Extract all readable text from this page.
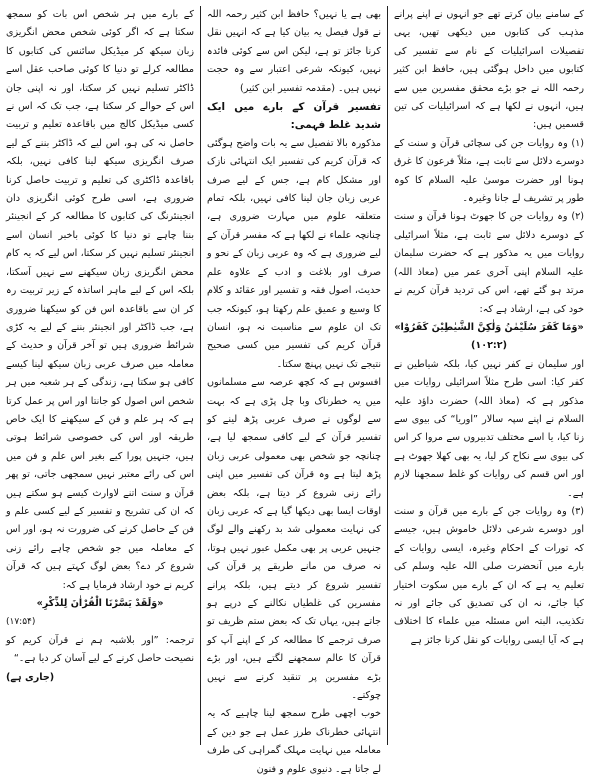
کے سامنے بیان کرتے تھے جو انہوں نے اپنے پرانے مذہب کی کتابوں میں دیکھی تھیں، یہی تفصیلات اسرائیلیات کے نام سے تفسیر کی کتابوں میں داخل ہوگئی ہیں، حافظ ابن کثیر رحمہ اللہ نے جو بڑے محقق مفسرین میں سے ہیں، انہوں نے لکھا ہے کہ اسرائیلیات کی تین قسمیں ہیں:

(۱) وہ روایات جن کی سچائی قرآن و سنت کے دوسرے دلائل سے ثابت ہے، مثلاً فرعون کا غرق ہونا اور حضرت موسیٰ علیہ السلام کا کوہ طور پر تشریف لے جانا وغیرہ۔

(۲) وہ روایات جن کا جھوٹ ہونا قرآن و سنت کے دوسرے دلائل سے ثابت ہے، مثلاً اسرائیلی روایات میں یہ مذکور ہے کہ حضرت سلیمان علیہ السلام اپنی آخری عمر میں (معاذ اللہ) مرتد ہو گئے تھے، اس کی تردید قرآن کریم نے خود کی ہے، ارشاد ہے کہ:

«وَمَا کَفَرَ سُلَیْمٰنُ وَلٰکِنَّ الشَّیٰطِیْنَ کَفَرُوْا» (۱۰۲:۲)

اور سلیمان نے کفر نہیں کیا، بلکہ شیاطین نے کفر کیا: اسی طرح مثلاً اسرائیلی روایات میں مذکور ہے کہ (معاذ اللہ) حضرت داؤد علیہ السلام نے اپنے سپہ سالار ”اوریا“ کی بیوی سے زنا کیا، یا اسے مختلف تدبیروں سے مروا کر اس کی بیوی سے نکاح کر لیا، یہ بھی کھلا جھوٹ ہے اور اس قسم کی روایات کو غلط سمجھنا لازم ہے۔

(۳) وہ روایات جن کے بارے میں قرآن و سنت اور دوسرے شرعی دلائل خاموش ہیں، جیسے کہ تورات کے احکام وغیرہ، ایسی روایات کے بارے میں آنحضرت صلی اللہ علیہ وسلم کی تعلیم یہ ہے کہ ان کے بارے میں سکوت اختیار کیا جائے، نہ ان کی تصدیق کی جائے اور نہ تکذیب، البتہ اس مسئلہ میں علماء کا اختلاف ہے کہ آیا ایسی روایات کو نقل کرنا جائز ہے

بھی ہے یا نہیں؟ حافظ ابن کثیر رحمہ اللہ نے قول فیصل یہ بیان کیا ہے کہ انہیں نقل کرنا جائز تو ہے، لیکن اس سے کوئی فائدہ نہیں، کیونکہ شرعی اعتبار سے وہ حجت نہیں ہیں۔ (مقدمہ تفسیر ابن کثیر)

تفسیر قرآن کے بارے میں ایک شدید غلط فہمی:

مذکورہ بالا تفصیل سے یہ بات واضح ہوگئی کہ قرآن کریم کی تفسیر ایک انتہائی نازک اور مشکل کام ہے، جس کے لیے صرف عربی زبان جان لینا کافی نہیں، بلکہ تمام متعلقہ علوم میں مہارت ضروری ہے، چنانچہ علماء نے لکھا ہے کہ مفسر قرآن کے لیے ضروری ہے کہ وہ عربی زبان کے نحو و صرف اور بلاغت و ادب کے علاوہ علم حدیث، اصول فقہ و تفسیر اور عقائد و کلام کا وسیع و عمیق علم رکھتا ہو، کیونکہ جب تک ان علوم سے مناسبت نہ ہو، انسان قرآن کریم کی تفسیر میں کسی صحیح نتیجے تک نہیں پہنچ سکتا۔

افسوس ہے کہ کچھ عرصہ سے مسلمانوں میں یہ خطرناک وبا چل پڑی ہے کہ بہت سے لوگوں نے صرف عربی پڑھ لینے کو تفسیر قرآن کے لیے کافی سمجھ لیا ہے، چنانچہ جو شخص بھی معمولی عربی زبان پڑھ لیتا ہے وہ قرآن کی تفسیر میں اپنی رائے زنی شروع کر دیتا ہے، بلکہ بعض اوقات ایسا بھی دیکھا گیا ہے کہ عربی زبان کی نہایت معمولی شد بد رکھنے والے لوگ جنہیں عربی پر بھی مکمل عبور نہیں ہوتا، نہ صرف من مانے طریقے پر قرآن کی تفسیر شروع کر دیتے ہیں، بلکہ پرانے مفسرین کی غلطیاں نکالنے کے درپے ہو جاتے ہیں، یہاں تک کہ بعض ستم ظریف تو صرف ترجمے کا مطالعہ کر کے اپنے آپ کو قرآن کا عالم سمجھنے لگتے ہیں، اور بڑے بڑے مفسرین پر تنقید کرنے سے نہیں چوکتے۔

خوب اچھی طرح سمجھ لینا چاہیے کہ یہ انتہائی خطرناک طرز عمل ہے جو دین کے معاملہ میں نہایت مہلک گمراہی کی طرف لے جاتا ہے۔ دنیوی علوم و فنون

کے بارے میں ہر شخص اس بات کو سمجھ سکتا ہے کہ اگر کوئی شخص محض انگریزی زبان سیکھ کر میڈیکل سائنس کی کتابوں کا مطالعہ کرلے تو دنیا کا کوئی صاحب عقل اسے ڈاکٹر تسلیم نہیں کر سکتا، اور نہ اپنی جان اس کے حوالے کر سکتا ہے، جب تک کہ اس نے کسی میڈیکل کالج میں باقاعدہ تعلیم و تربیت حاصل نہ کی ہو، اس لیے کہ ڈاکٹر بننے کے لیے صرف انگریزی سیکھ لینا کافی نہیں، بلکہ باقاعدہ ڈاکٹری کی تعلیم و تربیت حاصل کرنا ضروری ہے، اسی طرح کوئی انگریزی دان انجینئرنگ کی کتابوں کا مطالعہ کر کے انجینئر بننا چاہے تو دنیا کا کوئی باخبر انسان اسے انجینئر تسلیم نہیں کر سکتا، اس لیے کہ یہ کام محض انگریزی زبان سیکھنے سے نہیں آسکتا، بلکہ اس کے لیے ماہر اساتذہ کے زیر تربیت رہ کر ان سے باقاعدہ اس فن کو سیکھنا ضروری ہے، جب ڈاکٹر اور انجینئر بننے کے لیے یہ کڑی شرائط ضروری ہیں تو آخر قرآن و حدیث کے معاملہ میں صرف عربی زبان سیکھ لینا کیسے کافی ہو سکتا ہے، زندگی کے ہر شعبہ میں ہر شخص اس اصول کو جانتا اور اس پر عمل کرتا ہے کہ ہر علم و فن کے سیکھنے کا ایک خاص طریقہ اور اس کی خصوصی شرائط ہوتی ہیں، جنہیں پورا کیے بغیر اس علم و فن میں اس کی رائے معتبر نہیں سمجھی جاتی، تو پھر قرآن و سنت اتنے لاوارث کیسے ہو سکتے ہیں کہ ان کی تشریح و تفسیر کے لیے کسی علم و فن کے حاصل کرنے کی ضرورت نہ ہو، اور اس کے معاملہ میں جو شخص چاہے رائے زنی شروع کر دے؟ بعض لوگ کہتے ہیں کہ قرآن کریم نے خود ارشاد فرمایا ہے کہ:

«وَلَقَدْ یَسَّرْنَا الْقُرْاٰنَ لِلذِّکْرِ»

(۱۷:۵۴)

ترجمہ: ”اور بلاشبہ ہم نے قرآن کریم کو نصیحت حاصل کرنے کے لیے آسان کر دیا ہے۔“

(جاری ہے)
